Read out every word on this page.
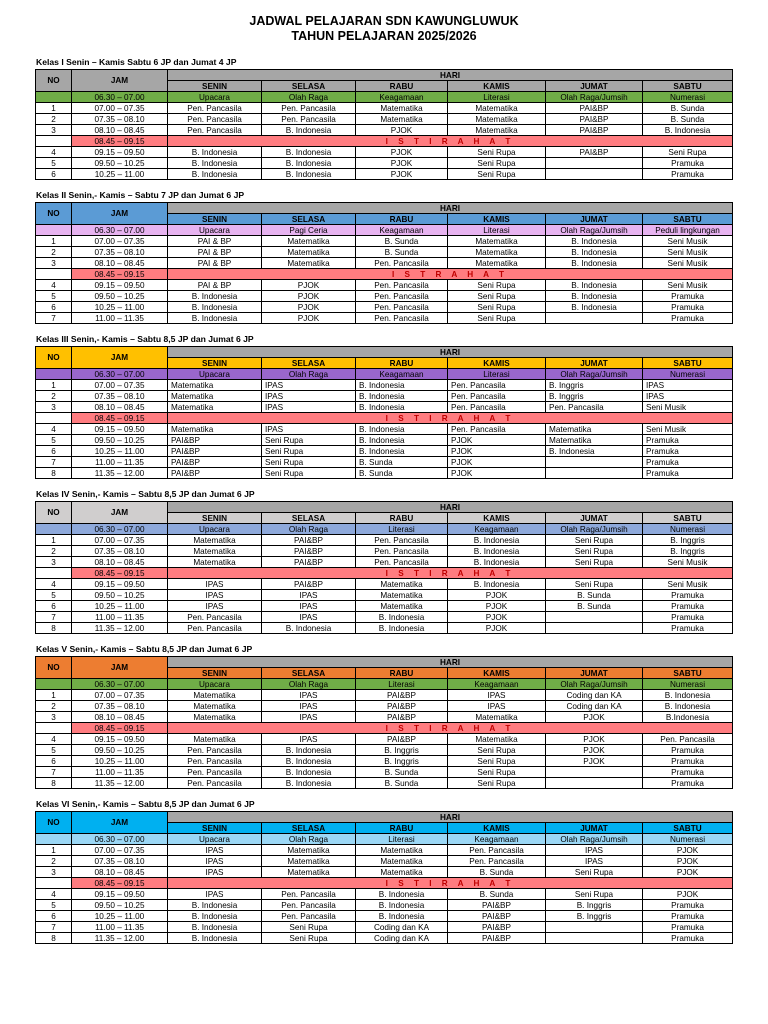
JADWAL PELAJARAN SDN KAWUNGLUWUK
TAHUN PELAJARAN 2025/2026
Kelas I Senin – Kamis Sabtu 6 JP dan Jumat 4 JP
NO	JAM	HARI					
		SENIN	SELASA	RABU	KAMIS	JUMAT	SABTU
	06.30 – 07.00	Upacara	Olah Raga	Keagamaan	Literasi	Olah Raga/Jumsih	Numerasi
1	07.00 – 07.35	Pen. Pancasila	Pen. Pancasila	Matematika	Matematika	PAI&BP	B. Sunda
2	07.35 – 08.10	Pen. Pancasila	Pen. Pancasila	Matematika	Matematika	PAI&BP	B. Sunda
3	08.10 – 08.45	Pen. Pancasila	B. Indonesia	PJOK	Matematika	PAI&BP	B. Indonesia
	08.45 – 09.15	I S T I R A H A T					
4	09.15 – 09.50	B. Indonesia	B. Indonesia	PJOK	Seni Rupa	PAI&BP	Seni Rupa
5	09.50 – 10.25	B. Indonesia	B. Indonesia	PJOK	Seni Rupa		Pramuka
6	10.25 – 11.00	B. Indonesia	B. Indonesia	PJOK	Seni Rupa		Pramuka
Kelas II Senin,- Kamis – Sabtu 7 JP dan Jumat 6 JP
NO	JAM	HARI					
		SENIN	SELASA	RABU	KAMIS	JUMAT	SABTU
	06.30 – 07.00	Upacara	Pagi Ceria	Keagamaan	Literasi	Olah Raga/Jumsih	Peduli lingkungan
1	07.00 – 07.35	PAI & BP	Matematika	B. Sunda	Matematika	B. Indonesia	Seni Musik
2	07.35 – 08.10	PAI & BP	Matematika	B. Sunda	Matematika	B. Indonesia	Seni Musik
3	08.10 – 08.45	PAI & BP	Matematika	Pen. Pancasila	Matematika	B. Indonesia	Seni Musik
	08.45 – 09.15	I S T R A H A T					
4	09.15 – 09.50	PAI & BP	PJOK	Pen. Pancasila	Seni Rupa	B. Indonesia	Seni Musik
5	09.50 – 10.25	B. Indonesia	PJOK	Pen. Pancasila	Seni Rupa	B. Indonesia	Pramuka
6	10.25 – 11.00	B. Indonesia	PJOK	Pen. Pancasila	Seni Rupa	B. Indonesia	Pramuka
7	11.00 – 11.35	B. Indonesia	PJOK	Pen. Pancasila	Seni Rupa		Pramuka
Kelas III Senin,- Kamis – Sabtu 8,5 JP dan Jumat 6 JP
NO	JAM	HARI					
		SENIN	SELASA	RABU	KAMIS	JUMAT	SABTU
	06.30 – 07.00	Upacara	Olah Raga	Keagamaan	Literasi	Olah Raga/Jumsih	Numerasi
1	07.00 – 07.35	Matematika	IPAS	B. Indonesia	Pen. Pancasila	B. Inggris	IPAS
2	07.35 – 08.10	Matematika	IPAS	B. Indonesia	Pen. Pancasila	B. Inggris	IPAS
3	08.10 – 08.45	Matematika	IPAS	B. Indonesia	Pen. Pancasila	Pen. Pancasila	Seni Musik
	08.45 – 09.15	I S T I R A H A T					
4	09.15 – 09.50	Matematika	IPAS	B. Indonesia	Pen. Pancasila	Matematika	Seni Musik
5	09.50 – 10.25	PAI&BP	Seni Rupa	B. Indonesia	PJOK	Matematika	Pramuka
6	10.25 – 11.00	PAI&BP	Seni Rupa	B. Indonesia	PJOK	B. Indonesia	Pramuka
7	11.00 – 11.35	PAI&BP	Seni Rupa	B. Sunda	PJOK		Pramuka
8	11.35 – 12.00	PAI&BP	Seni Rupa	B. Sunda	PJOK		Pramuka
Kelas IV Senin,- Kamis – Sabtu 8,5 JP dan Jumat 6 JP
NO	JAM	HARI					
		SENIN	SELASA	RABU	KAMIS	JUMAT	SABTU
	06.30 – 07.00	Upacara	Olah Raga	Literasi	Keagamaan	Olah Raga/Jumsih	Numerasi
1	07.00 – 07.35	Matematika	PAI&BP	Pen. Pancasila	B. Indonesia	Seni Rupa	B. Inggris
2	07.35 – 08.10	Matematika	PAI&BP	Pen. Pancasila	B. Indonesia	Seni Rupa	B. Inggris
3	08.10 – 08.45	Matematika	PAI&BP	Pen. Pancasila	B. Indonesia	Seni Rupa	Seni Musik
	08.45 – 09.15	I S T I R A H A T					
4	09.15 – 09.50	IPAS	PAI&BP	Matematika	B. Indonesia	Seni Rupa	Seni Musik
5	09.50 – 10.25	IPAS	IPAS	Matematika	PJOK	B. Sunda	Pramuka
6	10.25 – 11.00	IPAS	IPAS	Matematika	PJOK	B. Sunda	Pramuka
7	11.00 – 11.35	Pen. Pancasila	IPAS	B. Indonesia	PJOK		Pramuka
8	11.35 – 12.00	Pen. Pancasila	B. Indonesia	B. Indonesia	PJOK		Pramuka
Kelas V Senin,- Kamis – Sabtu 8,5 JP dan Jumat 6 JP
NO	JAM	HARI					
		SENIN	SELASA	RABU	KAMIS	JUMAT	SABTU
	06.30 – 07.00	Upacara	Olah Raga	Literasi	Keagamaan	Olah Raga/Jumsih	Numerasi
1	07.00 – 07.35	Matematika	IPAS	PAI&BP	IPAS	Coding dan KA	B. Indonesia
2	07.35 – 08.10	Matematika	IPAS	PAI&BP	IPAS	Coding dan KA	B. Indonesia
3	08.10 – 08.45	Matematika	IPAS	PAI&BP	Matematika	PJOK	B.Indonesia
	08.45 – 09.15	I S T I R A H A T					
4	09.15 – 09.50	Matematika	IPAS	PAI&BP	Matematika	PJOK	Pen. Pancasila
5	09.50 – 10.25	Pen. Pancasila	B. Indonesia	B. Inggris	Seni Rupa	PJOK	Pramuka
6	10.25 – 11.00	Pen. Pancasila	B. Indonesia	B. Inggris	Seni Rupa	PJOK	Pramuka
7	11.00 – 11.35	Pen. Pancasila	B. Indonesia	B. Sunda	Seni Rupa		Pramuka
8	11.35 – 12.00	Pen. Pancasila	B. Indonesia	B. Sunda	Seni Rupa		Pramuka
Kelas VI Senin,- Kamis – Sabtu 8,5 JP dan Jumat 6 JP
NO	JAM	HARI					
		SENIN	SELASA	RABU	KAMIS	JUMAT	SABTU
	06.30 – 07.00	Upacara	Olah Raga	Literasi	Keagamaan	Olah Raga/Jumsih	Numerasi
1	07.00 – 07.35	IPAS	Matematika	Matematika	Pen. Pancasila	IPAS	PJOK
2	07.35 – 08.10	IPAS	Matematika	Matematika	Pen. Pancasila	IPAS	PJOK
3	08.10 – 08.45	IPAS	Matematika	Matematika	B. Sunda	Seni Rupa	PJOK
	08.45 – 09.15	I S T I R A H A T					
4	09.15 – 09.50	IPAS	Pen. Pancasila	B. Indonesia	B. Sunda	Seni Rupa	PJOK
5	09.50 – 10.25	B. Indonesia	Pen. Pancasila	B. Indonesia	PAI&BP	B. Inggris	Pramuka
6	10.25 – 11.00	B. Indonesia	Pen. Pancasila	B. Indonesia	PAI&BP	B. Inggris	Pramuka
7	11.00 – 11.35	B. Indonesia	Seni Rupa	Coding dan KA	PAI&BP		Pramuka
8	11.35 – 12.00	B. Indonesia	Seni Rupa	Coding dan KA	PAI&BP		Pramuka
